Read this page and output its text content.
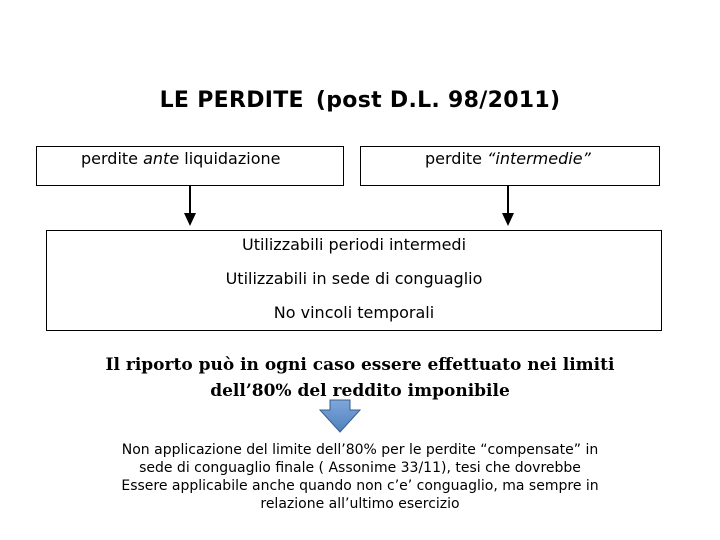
LE PERDITE (post D.L. 98/2011)
perdite ante liquidazione	perdite “intermedie”
Utilizzabili periodi intermedi
Utilizzabili in sede di conguaglio
No vincoli temporali
Il riporto può in ogni caso essere effettuato nei limiti
dell’80% del reddito imponibile
Non applicazione del limite dell’80% per le perdite “compensate” in
sede di conguaglio finale ( Assonime 33/11), tesi che dovrebbe
Essere applicabile anche quando non c’e’ conguaglio, ma sempre in
relazione all’ultimo esercizio
